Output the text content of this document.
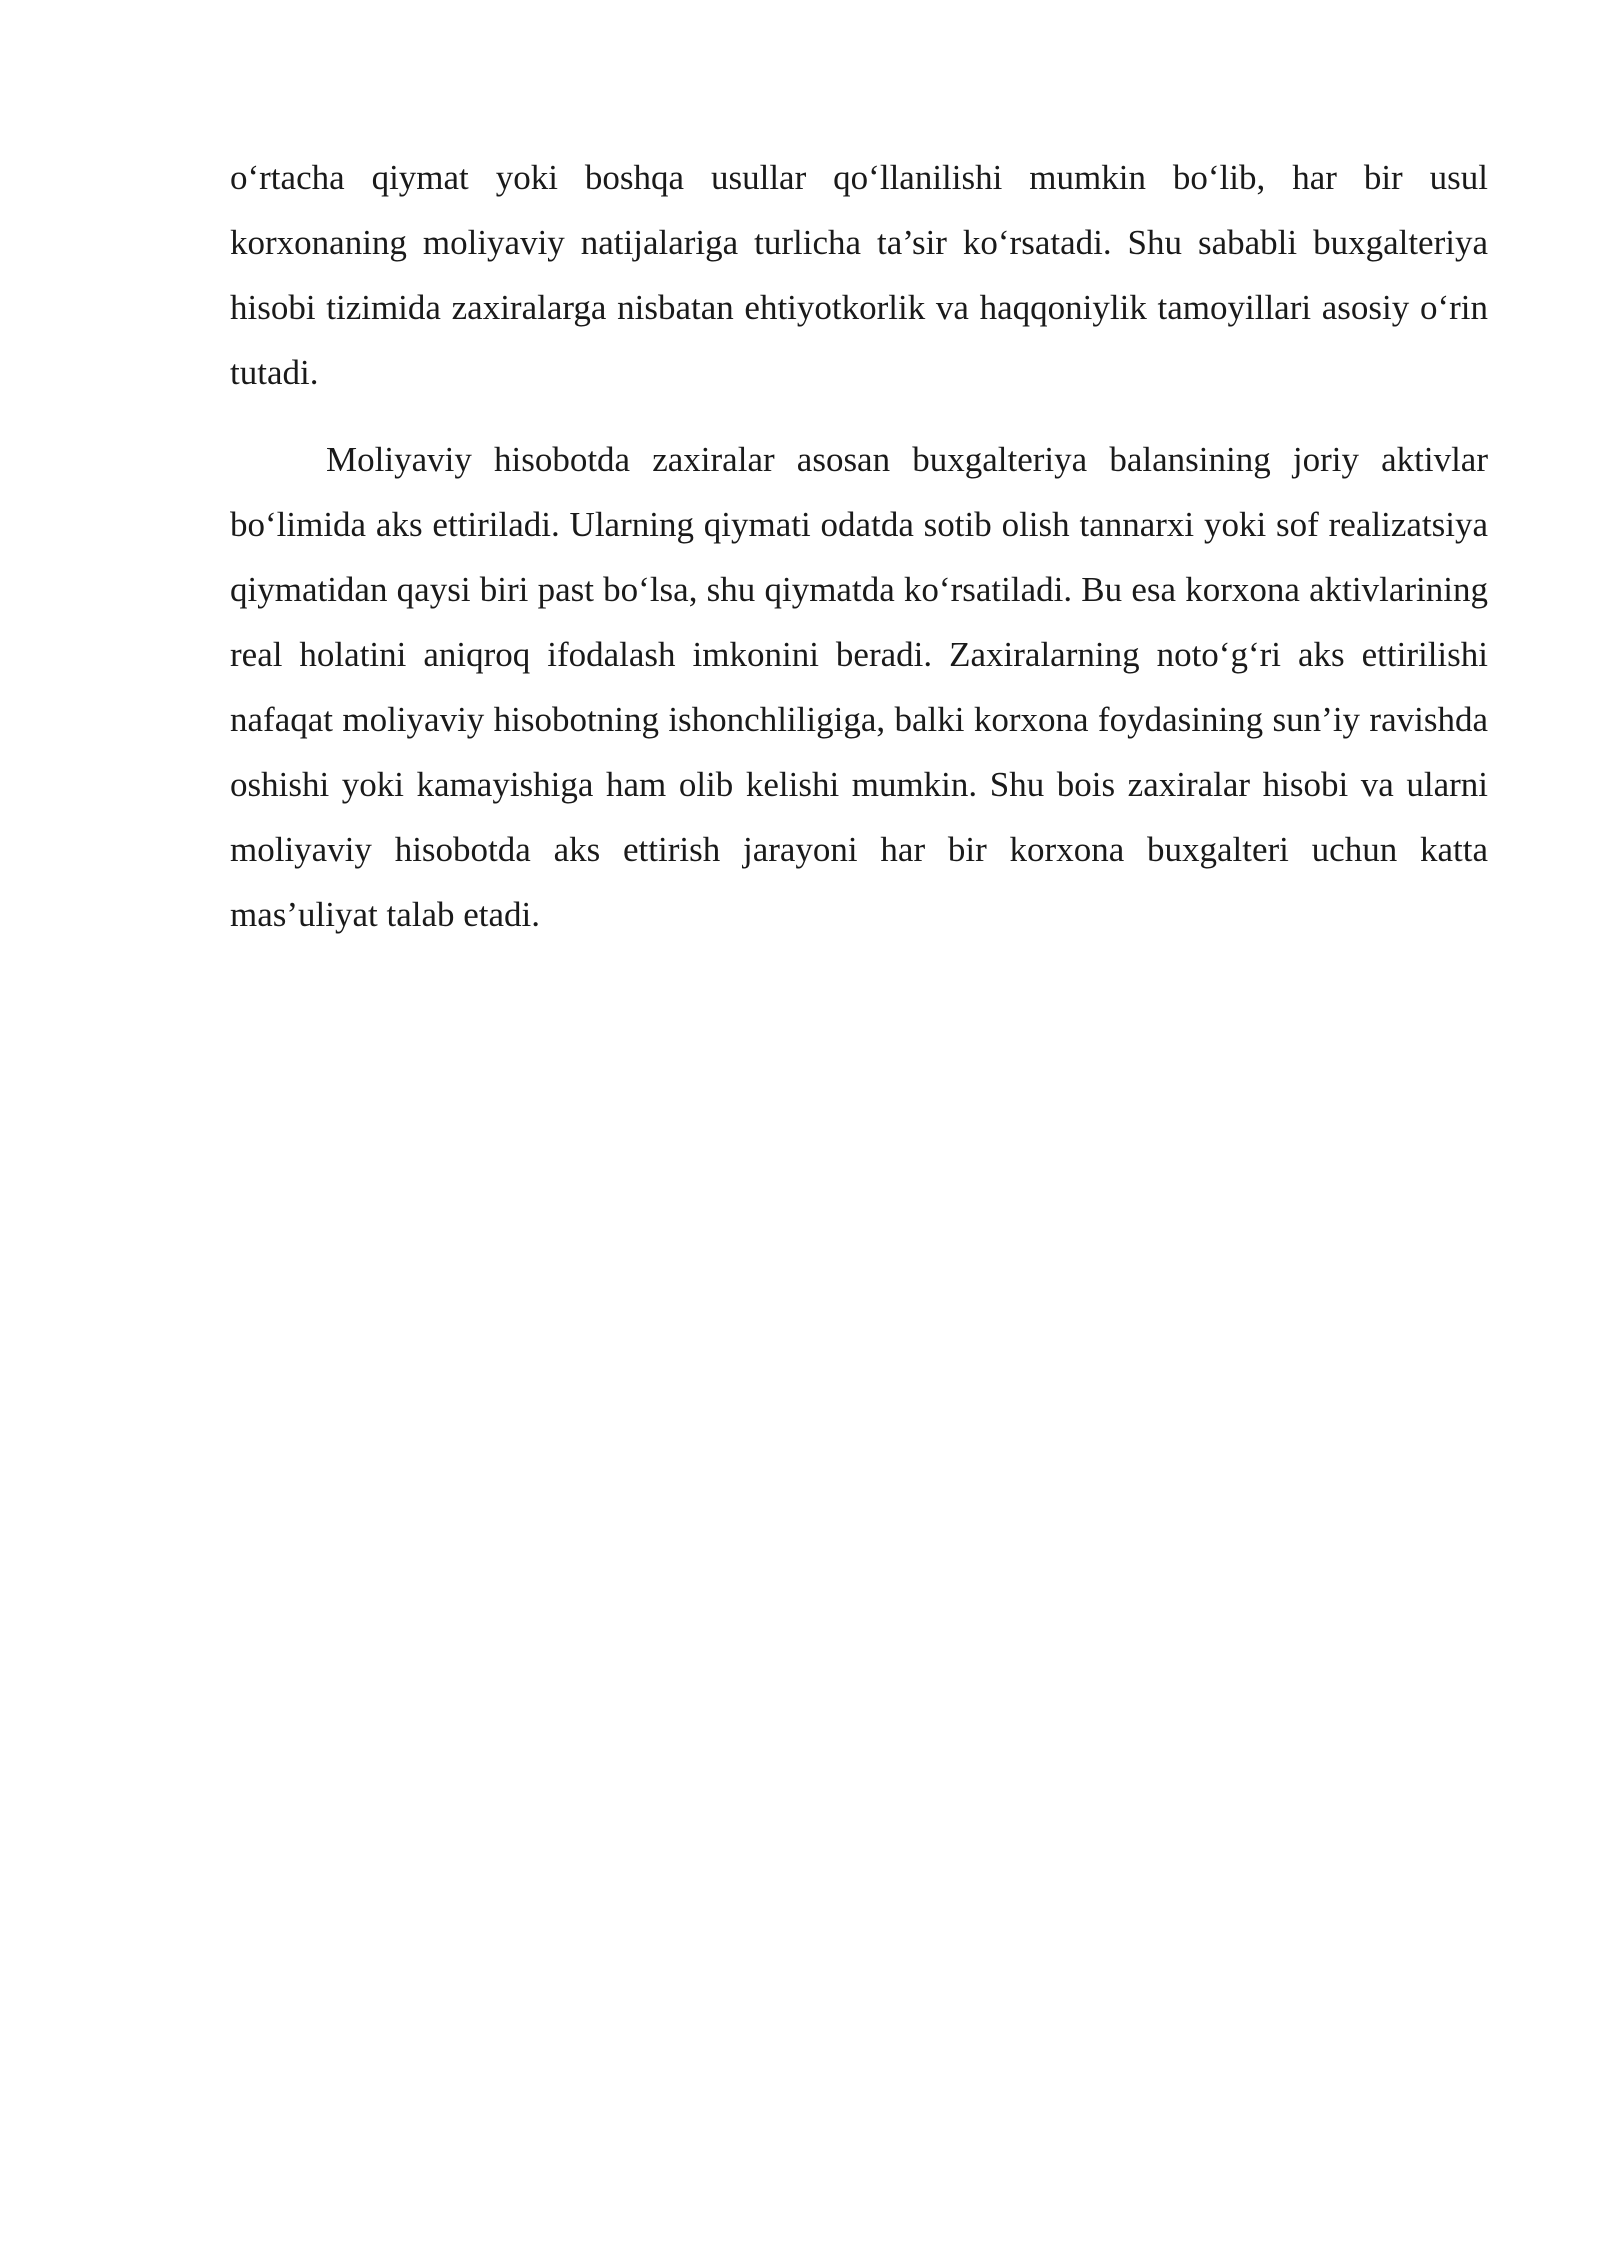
o‘rtacha qiymat yoki boshqa usullar qo‘llanilishi mumkin bo‘lib, har bir usul korxonaning moliyaviy natijalariga turlicha ta’sir ko‘rsatadi. Shu sababli buxgalteriya hisobi tizimida zaxiralarga nisbatan ehtiyotkorlik va haqqoniylik tamoyillari asosiy o‘rin tutadi.

Moliyaviy hisobotda zaxiralar asosan buxgalteriya balansining joriy aktivlar bo‘limida aks ettiriladi. Ularning qiymati odatda sotib olish tannarxi yoki sof realizatsiya qiymatidan qaysi biri past bo‘lsa, shu qiymatda ko‘rsatiladi. Bu esa korxona aktivlarining real holatini aniqroq ifodalash imkonini beradi. Zaxiralarning noto‘g‘ri aks ettirilishi nafaqat moliyaviy hisobotning ishonchliligiga, balki korxona foydasining sun’iy ravishda oshishi yoki kamayishiga ham olib kelishi mumkin. Shu bois zaxiralar hisobi va ularni moliyaviy hisobotda aks ettirish jarayoni har bir korxona buxgalteri uchun katta mas’uliyat talab etadi.
